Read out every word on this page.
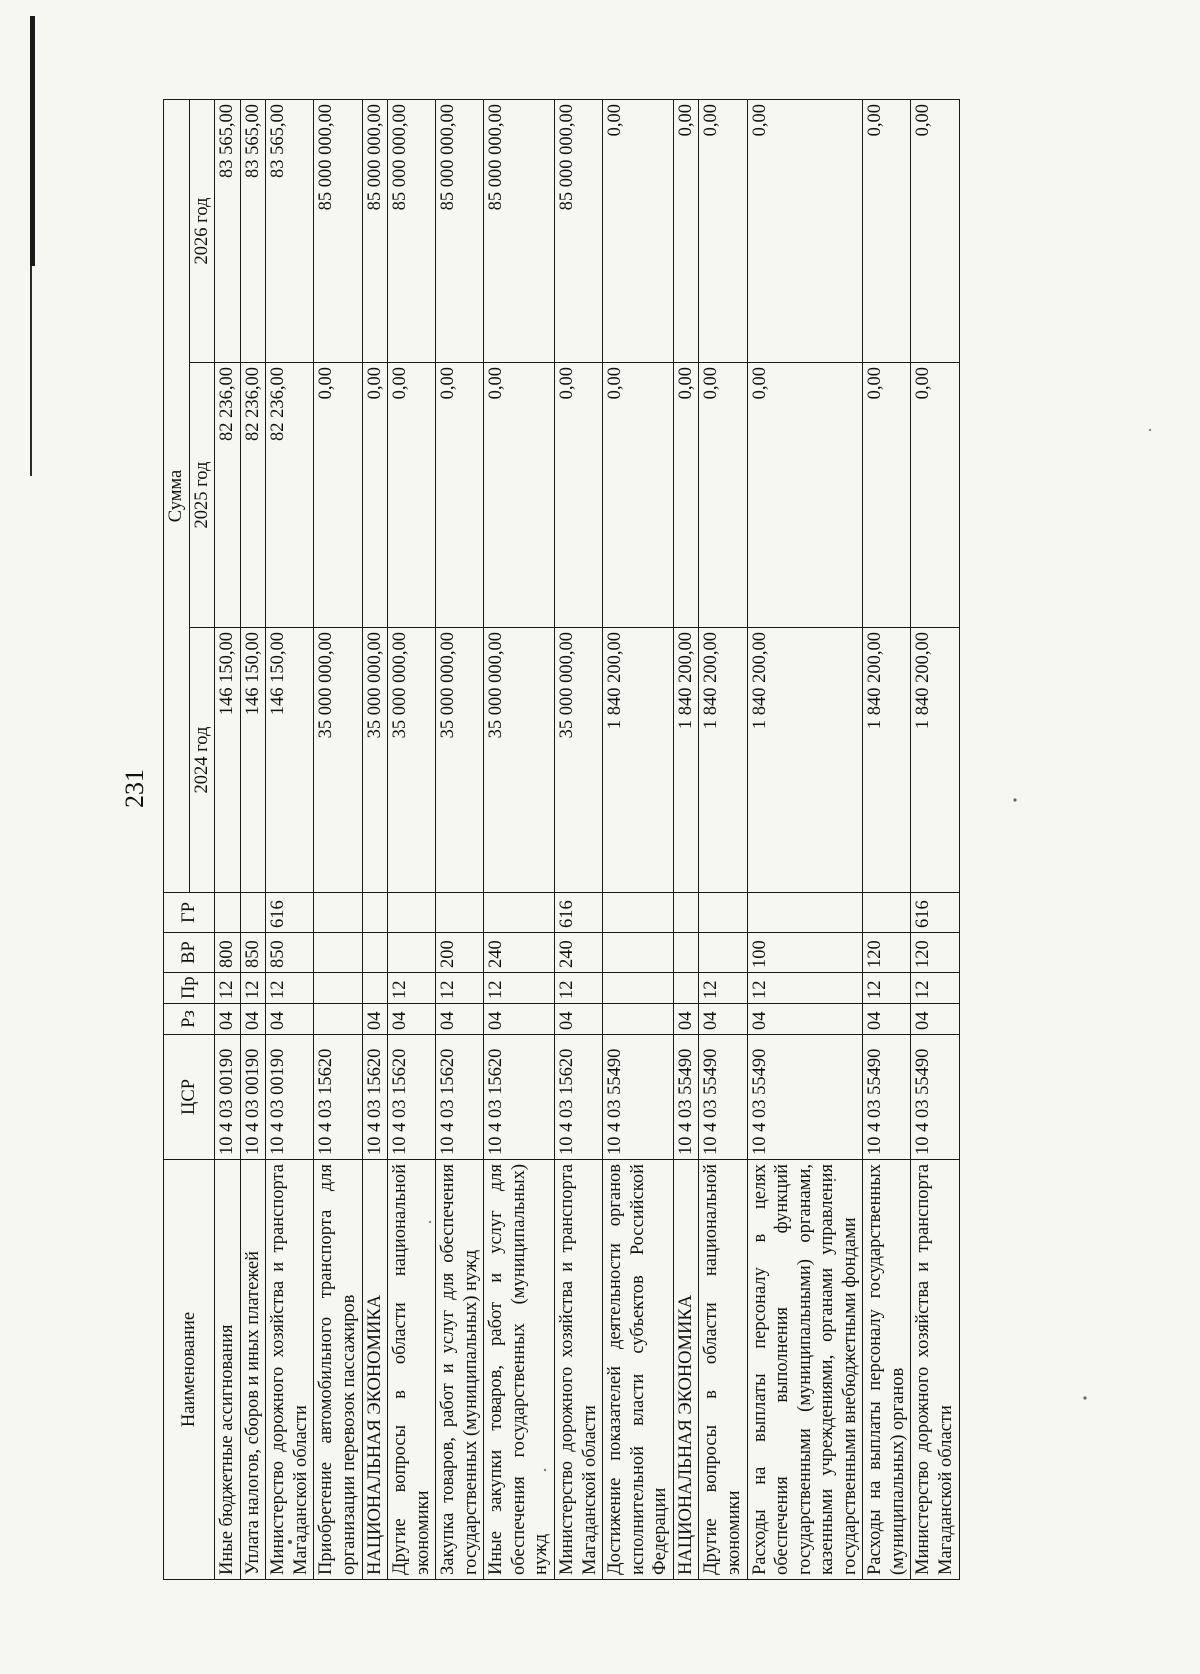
231
Наименование	ЦСР	Рз	Пр	ВР	ГР	Сумма		
						2024 год	2025 год	2026 год
Иные бюджетные ассигнования	10 4 03 00190	04	12	800		146 150,00	82 236,00	83 565,00
Уплата налогов, сборов и иных платежей	10 4 03 00190	04	12	850		146 150,00	82 236,00	83 565,00
Министерство дорожного хозяйства и транспорта Магаданской области	10 4 03 00190	04	12	850	616	146 150,00	82 236,00	83 565,00
Приобретение автомобильного транспорта для организации перевозок пассажиров	10 4 03 15620					35 000 000,00	0,00	85 000 000,00
НАЦИОНАЛЬНАЯ ЭКОНОМИКА	10 4 03 15620	04				35 000 000,00	0,00	85 000 000,00
Другие вопросы в области национальной экономики	10 4 03 15620	04	12			35 000 000,00	0,00	85 000 000,00
Закупка товаров, работ и услуг для обеспечения государственных (муниципальных) нужд	10 4 03 15620	04	12	200		35 000 000,00	0,00	85 000 000,00
Иные закупки товаров, работ и услуг для обеспечения государственных (муниципальных) нужд	10 4 03 15620	04	12	240		35 000 000,00	0,00	85 000 000,00
Министерство дорожного хозяйства и транспорта Магаданской области	10 4 03 15620	04	12	240	616	35 000 000,00	0,00	85 000 000,00
Достижение показателей деятельности органов исполнительной власти субъектов Российской Федерации	10 4 03 55490					1 840 200,00	0,00	0,00
НАЦИОНАЛЬНАЯ ЭКОНОМИКА	10 4 03 55490	04				1 840 200,00	0,00	0,00
Другие вопросы в области национальной экономики	10 4 03 55490	04	12			1 840 200,00	0,00	0,00
Расходы на выплаты персоналу в целях обеспечения выполнения функций государственными (муниципальными) органами, казенными учреждениями, органами управления государственными внебюджетными фондами	10 4 03 55490	04	12	100		1 840 200,00	0,00	0,00
Расходы на выплаты персоналу государственных (муниципальных) органов	10 4 03 55490	04	12	120		1 840 200,00	0,00	0,00
Министерство дорожного хозяйства и транспорта Магаданской области	10 4 03 55490	04	12	120	616	1 840 200,00	0,00	0,00
